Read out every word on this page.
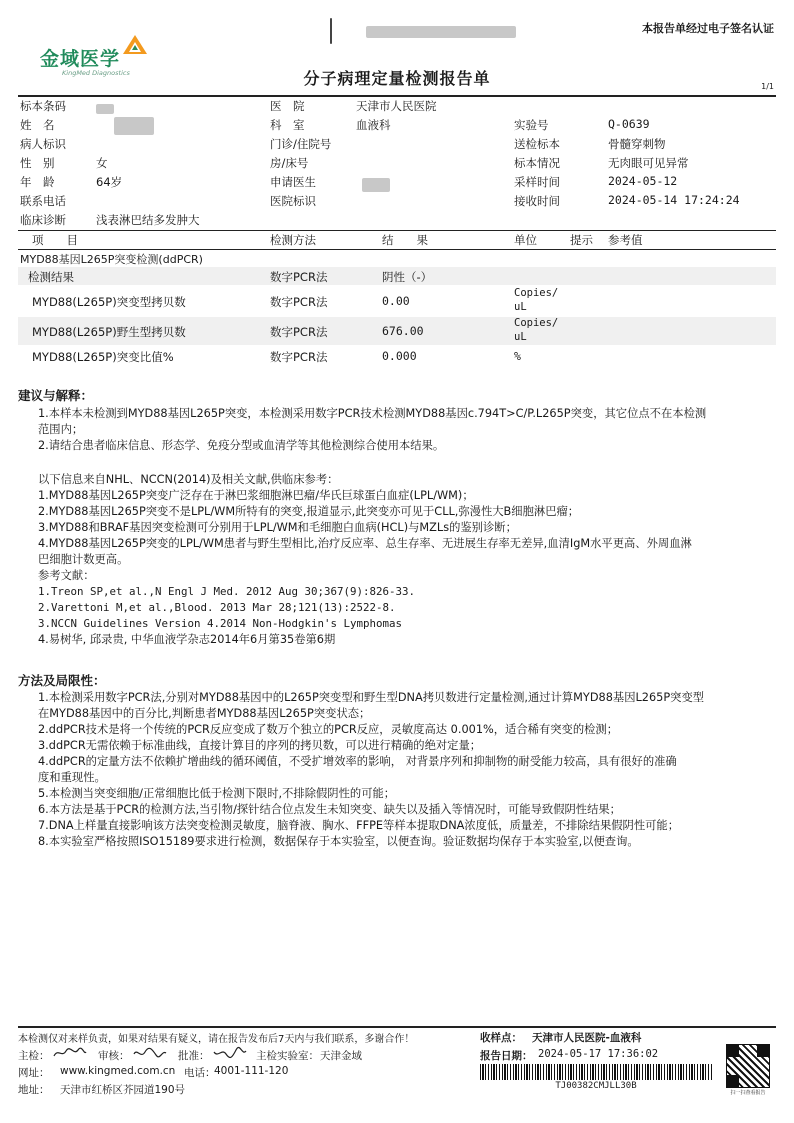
本报告单经过电子签名认证
金域医学
KingMed Diagnostics	分子病理定量检测报告单	1/1
标本条码	医　院	天津市人民医院
姓　名	科　室	血液科	实验号	Q-0639
病人标识	门诊/住院号	送检标本	骨髓穿刺物
性　别	女	房/床号	标本情况	无肉眼可见异常
年　龄	64岁	申请医生	采样时间	2024-05-12
联系电话	医院标识	接收时间	2024-05-14 17:24:24
临床诊断	浅表淋巴结多发肿大
项　　目	检测方法	结　　果	单位	提示 参考值
MYD88基因L265P突变检测(ddPCR)
检测结果	数字PCR法	阴性（-）
MYD88(L265P)突变型拷贝数	数字PCR法	0.00
Copies/
uL
MYD88(L265P)野生型拷贝数	数字PCR法	676.00
Copies/
uL
MYD88(L265P)突变比值%	数字PCR法	0.000	%
建议与解释：
1.本样本未检测到MYD88基因L265P突变，本检测采用数字PCR技术检测MYD88基因c.794T>C/P.L265P突变，其它位点不在本检测
范围内；
2.请结合患者临床信息、形态学、免疫分型或血清学等其他检测综合使用本结果。
以下信息来自NHL、NCCN(2014)及相关文献,供临床参考：
1.MYD88基因L265P突变广泛存在于淋巴浆细胞淋巴瘤/华氏巨球蛋白血症(LPL/WM)；
2.MYD88基因L265P突变不是LPL/WM所特有的突变,报道显示,此突变亦可见于CLL,弥漫性大B细胞淋巴瘤；
3.MYD88和BRAF基因突变检测可分别用于LPL/WM和毛细胞白血病(HCL)与MZLs的鉴别诊断；
4.MYD88基因L265P突变的LPL/WM患者与野生型相比,治疗反应率、总生存率、无进展生存率无差异,血清IgM水平更高、外周血淋
巴细胞计数更高。
参考文献：
1.Treon SP,et al.,N Engl J Med. 2012 Aug 30;367(9):826-33.
2.Varettoni M,et al.,Blood. 2013 Mar 28;121(13):2522-8.
3.NCCN Guidelines Version 4.2014 Non-Hodgkin's Lymphomas
4.易树华, 邱录贵, 中华血液学杂志2014年6月第35卷第6期
方法及局限性：
1.本检测采用数字PCR法,分别对MYD88基因中的L265P突变型和野生型DNA拷贝数进行定量检测,通过计算MYD88基因L265P突变型
在MYD88基因中的百分比,判断患者MYD88基因L265P突变状态；
2.ddPCR技术是将一个传统的PCR反应变成了数万个独立的PCR反应，灵敏度高达 0.001%，适合稀有突变的检测；
3.ddPCR无需依赖于标准曲线，直接计算目的序列的拷贝数，可以进行精确的绝对定量；
4.ddPCR的定量方法不依赖扩增曲线的循环阈值，不受扩增效率的影响， 对背景序列和抑制物的耐受能力较高，具有很好的准确
度和重现性。
5.本检测当突变细胞/正常细胞比低于检测下限时,不排除假阴性的可能；
6.本方法是基于PCR的检测方法,当引物/探针结合位点发生未知突变、缺失以及插入等情况时，可能导致假阴性结果；
7.DNA上样量直接影响该方法突变检测灵敏度，脑脊液、胸水、FFPE等样本提取DNA浓度低，质量差，不排除结果假阴性可能；
8.本实验室严格按照ISO15189要求进行检测，数据保存于本实验室，以便查询。验证数据均保存于本实验室,以便查询。
本检测仅对来样负责，如果对结果有疑义，请在报告发布后7天内与我们联系，多谢合作！
主检：	审核：	批准：	主检实验室： 天津金域
网址： www.kingmed.com.cn 电话：
4001-111-120
地址： 天津市红桥区芥园道190号
收样点： 天津市人民医院-血液科
报告日期： 2024-05-17 17:36:02
TJ00382CMJLL30B
扫一扫查看报告
